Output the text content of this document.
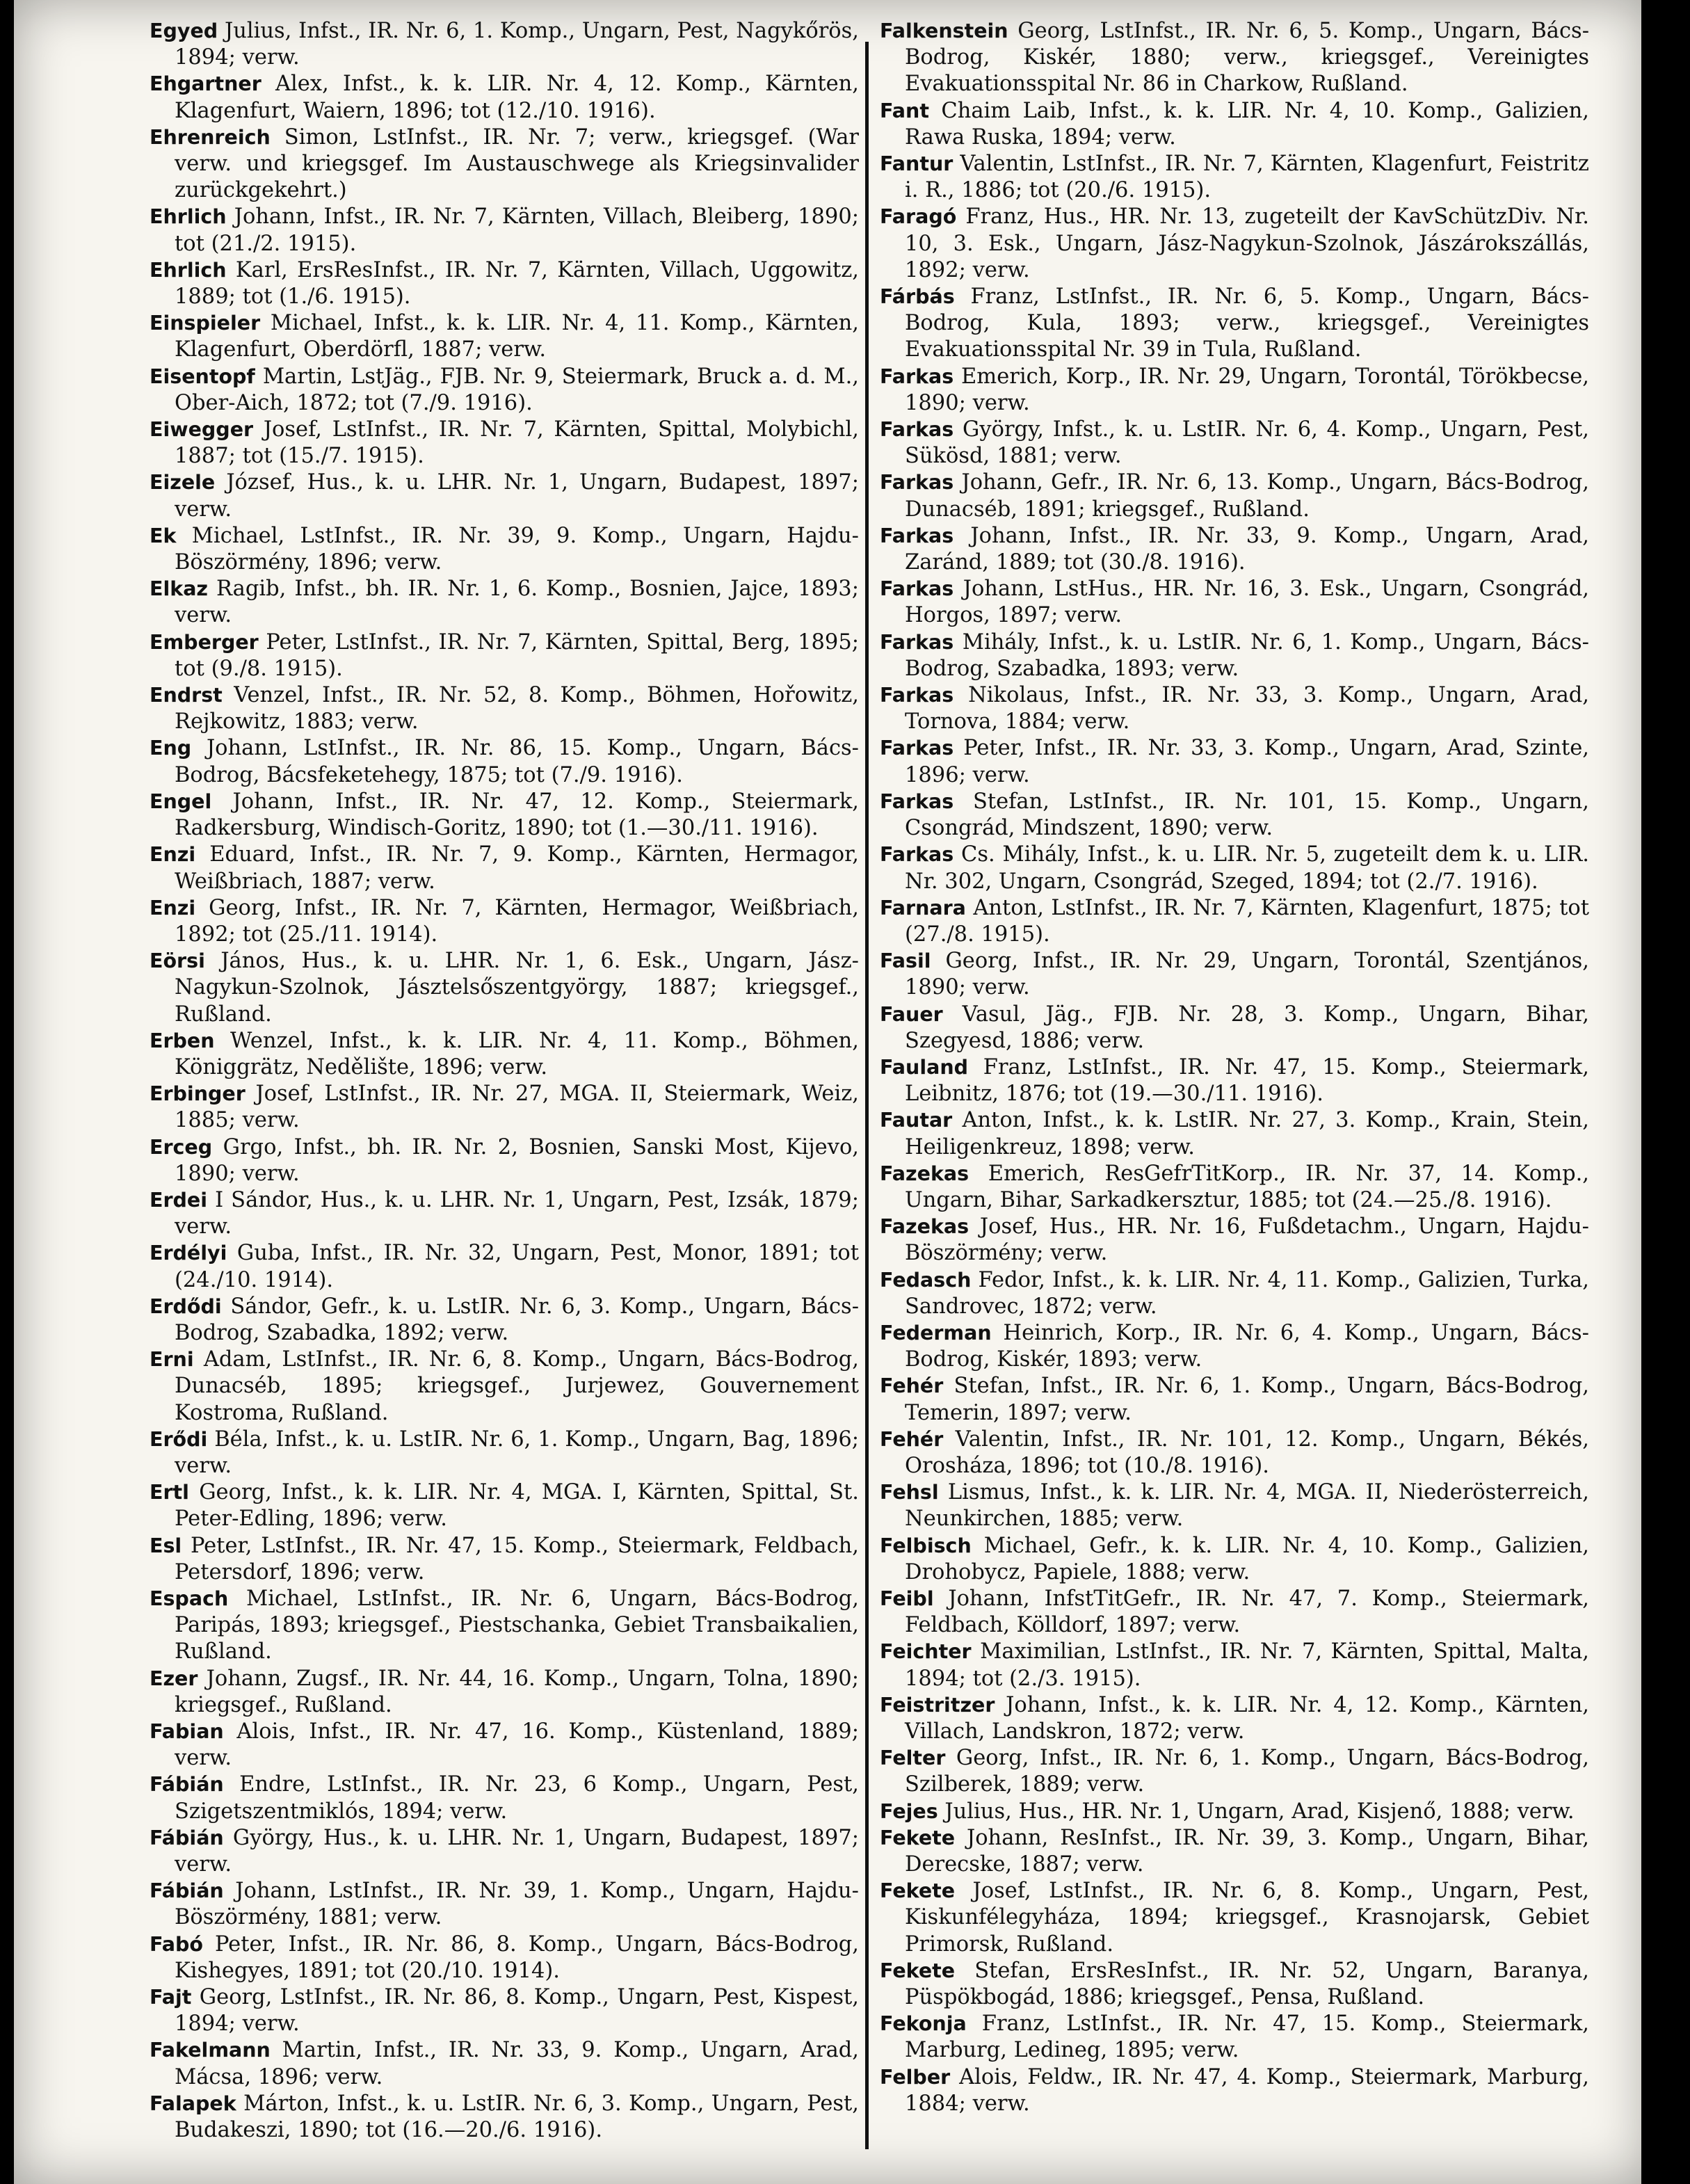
Egyed Julius, Infst., IR. Nr. 6, 1. Komp., Ungarn, Pest, Nagykőrös, 1894; verw.

Ehgartner Alex, Infst., k. k. LIR. Nr. 4, 12. Komp., Kärnten, Klagenfurt, Waiern, 1896; tot (12./10. 1916).

Ehrenreich Simon, LstInfst., IR. Nr. 7; verw., kriegsgef. (War verw. und kriegsgef. Im Austauschwege als Kriegsinvalider zurückgekehrt.)

Ehrlich Johann, Infst., IR. Nr. 7, Kärnten, Villach, Bleiberg, 1890; tot (21./2. 1915).

Ehrlich Karl, ErsResInfst., IR. Nr. 7, Kärnten, Villach, Uggowitz, 1889; tot (1./6. 1915).

Einspieler Michael, Infst., k. k. LIR. Nr. 4, 11. Komp., Kärnten, Klagenfurt, Oberdörfl, 1887; verw.

Eisentopf Martin, LstJäg., FJB. Nr. 9, Steiermark, Bruck a. d. M., Ober-Aich, 1872; tot (7./9. 1916).

Eiwegger Josef, LstInfst., IR. Nr. 7, Kärnten, Spittal, Molybichl, 1887; tot (15./7. 1915).

Eizele József, Hus., k. u. LHR. Nr. 1, Ungarn, Budapest, 1897; verw.

Ek Michael, LstInfst., IR. Nr. 39, 9. Komp., Ungarn, Hajdu-Böszörmény, 1896; verw.

Elkaz Ragib, Infst., bh. IR. Nr. 1, 6. Komp., Bosnien, Jajce, 1893; verw.

Emberger Peter, LstInfst., IR. Nr. 7, Kärnten, Spittal, Berg, 1895; tot (9./8. 1915).

Endrst Venzel, Infst., IR. Nr. 52, 8. Komp., Böhmen, Hořowitz, Rejkowitz, 1883; verw.

Eng Johann, LstInfst., IR. Nr. 86, 15. Komp., Ungarn, Bács-Bodrog, Bácsfeketehegy, 1875; tot (7./9. 1916).

Engel Johann, Infst., IR. Nr. 47, 12. Komp., Steiermark, Radkersburg, Windisch-Goritz, 1890; tot (1.—30./11. 1916).

Enzi Eduard, Infst., IR. Nr. 7, 9. Komp., Kärnten, Hermagor, Weißbriach, 1887; verw.

Enzi Georg, Infst., IR. Nr. 7, Kärnten, Hermagor, Weißbriach, 1892; tot (25./11. 1914).

Eörsi János, Hus., k. u. LHR. Nr. 1, 6. Esk., Ungarn, Jász-Nagykun-Szolnok, Jásztelsőszentgyörgy, 1887; kriegsgef., Rußland.

Erben Wenzel, Infst., k. k. LIR. Nr. 4, 11. Komp., Böhmen, Königgrätz, Nedělište, 1896; verw.

Erbinger Josef, LstInfst., IR. Nr. 27, MGA. II, Steiermark, Weiz, 1885; verw.

Erceg Grgo, Infst., bh. IR. Nr. 2, Bosnien, Sanski Most, Kijevo, 1890; verw.

Erdei I Sándor, Hus., k. u. LHR. Nr. 1, Ungarn, Pest, Izsák, 1879; verw.

Erdélyi Guba, Infst., IR. Nr. 32, Ungarn, Pest, Monor, 1891; tot (24./10. 1914).

Erdődi Sándor, Gefr., k. u. LstIR. Nr. 6, 3. Komp., Ungarn, Bács-Bodrog, Szabadka, 1892; verw.

Erni Adam, LstInfst., IR. Nr. 6, 8. Komp., Ungarn, Bács-Bodrog, Dunacséb, 1895; kriegsgef., Jurjewez, Gouvernement Kostroma, Rußland.

Erődi Béla, Infst., k. u. LstIR. Nr. 6, 1. Komp., Ungarn, Bag, 1896; verw.

Ertl Georg, Infst., k. k. LIR. Nr. 4, MGA. I, Kärnten, Spittal, St. Peter-Edling, 1896; verw.

Esl Peter, LstInfst., IR. Nr. 47, 15. Komp., Steiermark, Feldbach, Petersdorf, 1896; verw.

Espach Michael, LstInfst., IR. Nr. 6, Ungarn, Bács-Bodrog, Paripás, 1893; kriegsgef., Piestschanka, Gebiet Transbaikalien, Rußland.

Ezer Johann, Zugsf., IR. Nr. 44, 16. Komp., Ungarn, Tolna, 1890; kriegsgef., Rußland.

Fabian Alois, Infst., IR. Nr. 47, 16. Komp., Küstenland, 1889; verw.

Fábián Endre, LstInfst., IR. Nr. 23, 6 Komp., Ungarn, Pest, Szigetszentmiklós, 1894; verw.

Fábián György, Hus., k. u. LHR. Nr. 1, Ungarn, Budapest, 1897; verw.

Fábián Johann, LstInfst., IR. Nr. 39, 1. Komp., Ungarn, Hajdu-Böszörmény, 1881; verw.

Fabó Peter, Infst., IR. Nr. 86, 8. Komp., Ungarn, Bács-Bodrog, Kishegyes, 1891; tot (20./10. 1914).

Fajt Georg, LstInfst., IR. Nr. 86, 8. Komp., Ungarn, Pest, Kispest, 1894; verw.

Fakelmann Martin, Infst., IR. Nr. 33, 9. Komp., Ungarn, Arad, Mácsa, 1896; verw.

Falapek Márton, Infst., k. u. LstIR. Nr. 6, 3. Komp., Ungarn, Pest, Budakeszi, 1890; tot (16.—20./6. 1916).

Falkenstein Georg, LstInfst., IR. Nr. 6, 5. Komp., Ungarn, Bács-Bodrog, Kiskér, 1880; verw., kriegsgef., Vereinigtes Evakuationsspital Nr. 86 in Charkow, Rußland.

Fant Chaim Laib, Infst., k. k. LIR. Nr. 4, 10. Komp., Galizien, Rawa Ruska, 1894; verw.

Fantur Valentin, LstInfst., IR. Nr. 7, Kärnten, Klagenfurt, Feistritz i. R., 1886; tot (20./6. 1915).

Faragó Franz, Hus., HR. Nr. 13, zugeteilt der KavSchützDiv. Nr. 10, 3. Esk., Ungarn, Jász-Nagykun-Szolnok, Jászárokszállás, 1892; verw.

Fárbás Franz, LstInfst., IR. Nr. 6, 5. Komp., Ungarn, Bács-Bodrog, Kula, 1893; verw., kriegsgef., Vereinigtes Evakuationsspital Nr. 39 in Tula, Rußland.

Farkas Emerich, Korp., IR. Nr. 29, Ungarn, Torontál, Törökbecse, 1890; verw.

Farkas György, Infst., k. u. LstIR. Nr. 6, 4. Komp., Ungarn, Pest, Sükösd, 1881; verw.

Farkas Johann, Gefr., IR. Nr. 6, 13. Komp., Ungarn, Bács-Bodrog, Dunacséb, 1891; kriegsgef., Rußland.

Farkas Johann, Infst., IR. Nr. 33, 9. Komp., Ungarn, Arad, Zaránd, 1889; tot (30./8. 1916).

Farkas Johann, LstHus., HR. Nr. 16, 3. Esk., Ungarn, Csongrád, Horgos, 1897; verw.

Farkas Mihály, Infst., k. u. LstIR. Nr. 6, 1. Komp., Ungarn, Bács-Bodrog, Szabadka, 1893; verw.

Farkas Nikolaus, Infst., IR. Nr. 33, 3. Komp., Ungarn, Arad, Tornova, 1884; verw.

Farkas Peter, Infst., IR. Nr. 33, 3. Komp., Ungarn, Arad, Szinte, 1896; verw.

Farkas Stefan, LstInfst., IR. Nr. 101, 15. Komp., Ungarn, Csongrád, Mindszent, 1890; verw.

Farkas Cs. Mihály, Infst., k. u. LIR. Nr. 5, zugeteilt dem k. u. LIR. Nr. 302, Ungarn, Csongrád, Szeged, 1894; tot (2./7. 1916).

Farnara Anton, LstInfst., IR. Nr. 7, Kärnten, Klagenfurt, 1875; tot (27./8. 1915).

Fasil Georg, Infst., IR. Nr. 29, Ungarn, Torontál, Szentjános, 1890; verw.

Fauer Vasul, Jäg., FJB. Nr. 28, 3. Komp., Ungarn, Bihar, Szegyesd, 1886; verw.

Fauland Franz, LstInfst., IR. Nr. 47, 15. Komp., Steiermark, Leibnitz, 1876; tot (19.—30./11. 1916).

Fautar Anton, Infst., k. k. LstIR. Nr. 27, 3. Komp., Krain, Stein, Heiligenkreuz, 1898; verw.

Fazekas Emerich, ResGefrTitKorp., IR. Nr. 37, 14. Komp., Ungarn, Bihar, Sarkadkersztur, 1885; tot (24.—25./8. 1916).

Fazekas Josef, Hus., HR. Nr. 16, Fußdetachm., Ungarn, Hajdu-Böszörmény; verw.

Fedasch Fedor, Infst., k. k. LIR. Nr. 4, 11. Komp., Galizien, Turka, Sandrovec, 1872; verw.

Federman Heinrich, Korp., IR. Nr. 6, 4. Komp., Ungarn, Bács-Bodrog, Kiskér, 1893; verw.

Fehér Stefan, Infst., IR. Nr. 6, 1. Komp., Ungarn, Bács-Bodrog, Temerin, 1897; verw.

Fehér Valentin, Infst., IR. Nr. 101, 12. Komp., Ungarn, Békés, Orosháza, 1896; tot (10./8. 1916).

Fehsl Lismus, Infst., k. k. LIR. Nr. 4, MGA. II, Niederösterreich, Neunkirchen, 1885; verw.

Felbisch Michael, Gefr., k. k. LIR. Nr. 4, 10. Komp., Galizien, Drohobycz, Papiele, 1888; verw.

Feibl Johann, InfstTitGefr., IR. Nr. 47, 7. Komp., Steiermark, Feldbach, Kölldorf, 1897; verw.

Feichter Maximilian, LstInfst., IR. Nr. 7, Kärnten, Spittal, Malta, 1894; tot (2./3. 1915).

Feistritzer Johann, Infst., k. k. LIR. Nr. 4, 12. Komp., Kärnten, Villach, Landskron, 1872; verw.

Felter Georg, Infst., IR. Nr. 6, 1. Komp., Ungarn, Bács-Bodrog, Szilberek, 1889; verw.

Fejes Julius, Hus., HR. Nr. 1, Ungarn, Arad, Kisjenő, 1888; verw.

Fekete Johann, ResInfst., IR. Nr. 39, 3. Komp., Ungarn, Bihar, Derecske, 1887; verw.

Fekete Josef, LstInfst., IR. Nr. 6, 8. Komp., Ungarn, Pest, Kiskunfélegyháza, 1894; kriegsgef., Krasnojarsk, Gebiet Primorsk, Rußland.

Fekete Stefan, ErsResInfst., IR. Nr. 52, Ungarn, Baranya, Püspökbogád, 1886; kriegsgef., Pensa, Rußland.

Fekonja Franz, LstInfst., IR. Nr. 47, 15. Komp., Steiermark, Marburg, Ledineg, 1895; verw.

Felber Alois, Feldw., IR. Nr. 47, 4. Komp., Steiermark, Marburg, 1884; verw.
